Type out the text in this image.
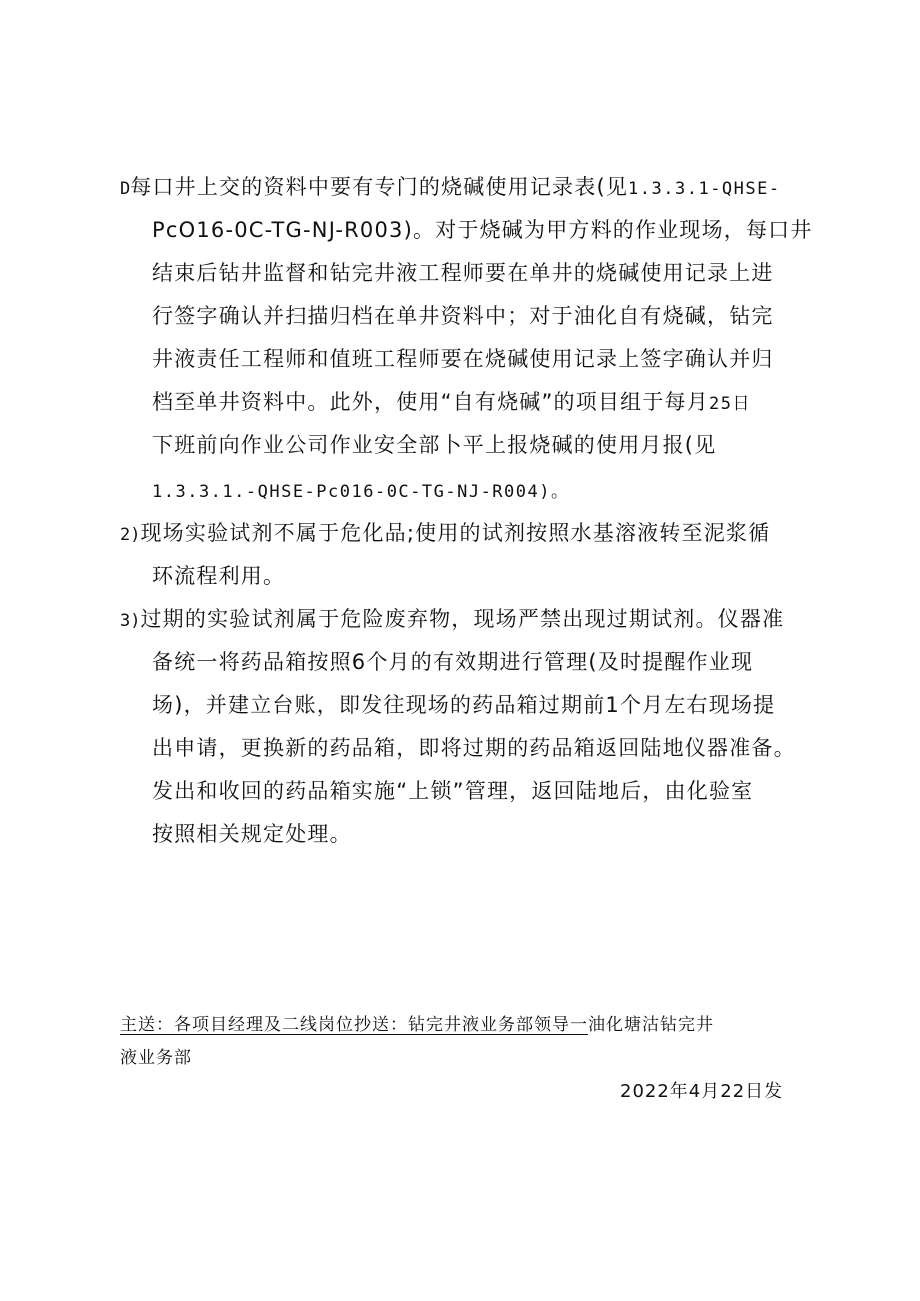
D每口井上交的资料中要有专门的烧碱使用记录表(见1.3.3.1-QHSE-
PcO16-0C-TG-NJ-R003)。对于烧碱为甲方料的作业现场，每口井
结束后钻井监督和钻完井液工程师要在单井的烧碱使用记录上进
行签字确认并扫描归档在单井资料中；对于油化自有烧碱，钻完
井液责任工程师和值班工程师要在烧碱使用记录上签字确认并归
档至单井资料中。此外，使用“自有烧碱”的项目组于每月25日
下班前向作业公司作业安全部卜平上报烧碱的使用月报(见
1.3.3.1.-QHSE-Pc016-0C-TG-NJ-R004)。
2)现场实验试剂不属于危化品;使用的试剂按照水基溶液转至泥浆循
环流程利用。
3)过期的实验试剂属于危险废弃物，现场严禁出现过期试剂。仪器准
备统一将药品箱按照6个月的有效期进行管理(及时提醒作业现
场)，并建立台账，即发往现场的药品箱过期前1个月左右现场提
出申请，更换新的药品箱，即将过期的药品箱返回陆地仪器准备。
发出和收回的药品箱实施“上锁”管理，返回陆地后，由化验室
按照相关规定处理。
主送：各项目经理及二线岗位抄送：钻完井液业务部领导一油化塘沽钻完井
液业务部
2022年4月22日发
